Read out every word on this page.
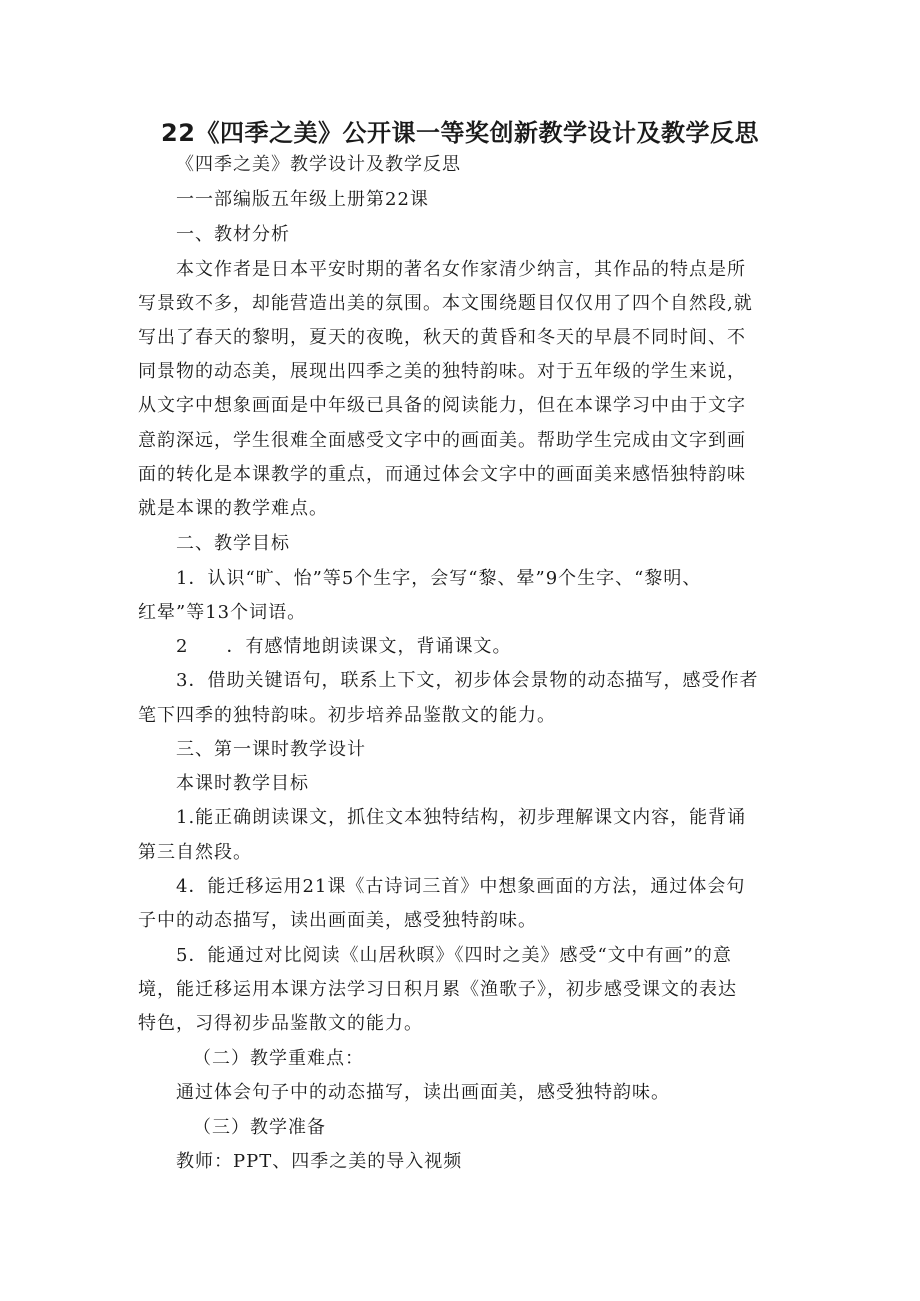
22《四季之美》公开课一等奖创新教学设计及教学反思
《四季之美》教学设计及教学反思
一一部编版五年级上册第22课
一、教材分析
本文作者是日本平安时期的著名女作家清少纳言，其作品的特点是所
写景致不多，却能营造出美的氛围。本文围绕题目仅仅用了四个自然段,就
写出了春天的黎明，夏天的夜晚，秋天的黄昏和冬天的早晨不同时间、不
同景物的动态美，展现出四季之美的独特韵味。对于五年级的学生来说，
从文字中想象画面是中年级已具备的阅读能力，但在本课学习中由于文字
意韵深远，学生很难全面感受文字中的画面美。帮助学生完成由文字到画
面的转化是本课教学的重点，而通过体会文字中的画面美来感悟独特韵味
就是本课的教学难点。
二、教学目标
1．认识“旷、怡”等5个生字，会写“黎、晕”9个生字、“黎明、
红晕”等13个词语。
2　　．有感情地朗读课文，背诵课文。
3．借助关键语句，联系上下文，初步体会景物的动态描写，感受作者
笔下四季的独特韵味。初步培养品鉴散文的能力。
三、第一课时教学设计
本课时教学目标
1.能正确朗读课文，抓住文本独特结构，初步理解课文内容，能背诵
第三自然段。
4．能迁移运用21课《古诗词三首》中想象画面的方法，通过体会句
子中的动态描写，读出画面美，感受独特韵味。
5．能通过对比阅读《山居秋暝》《四时之美》感受“文中有画”的意
境，能迁移运用本课方法学习日积月累《渔歌子》，初步感受课文的表达
特色，习得初步品鉴散文的能力。
（二）教学重难点：
通过体会句子中的动态描写，读出画面美，感受独特韵味。
（三）教学准备
教师：PPT、四季之美的导入视频
